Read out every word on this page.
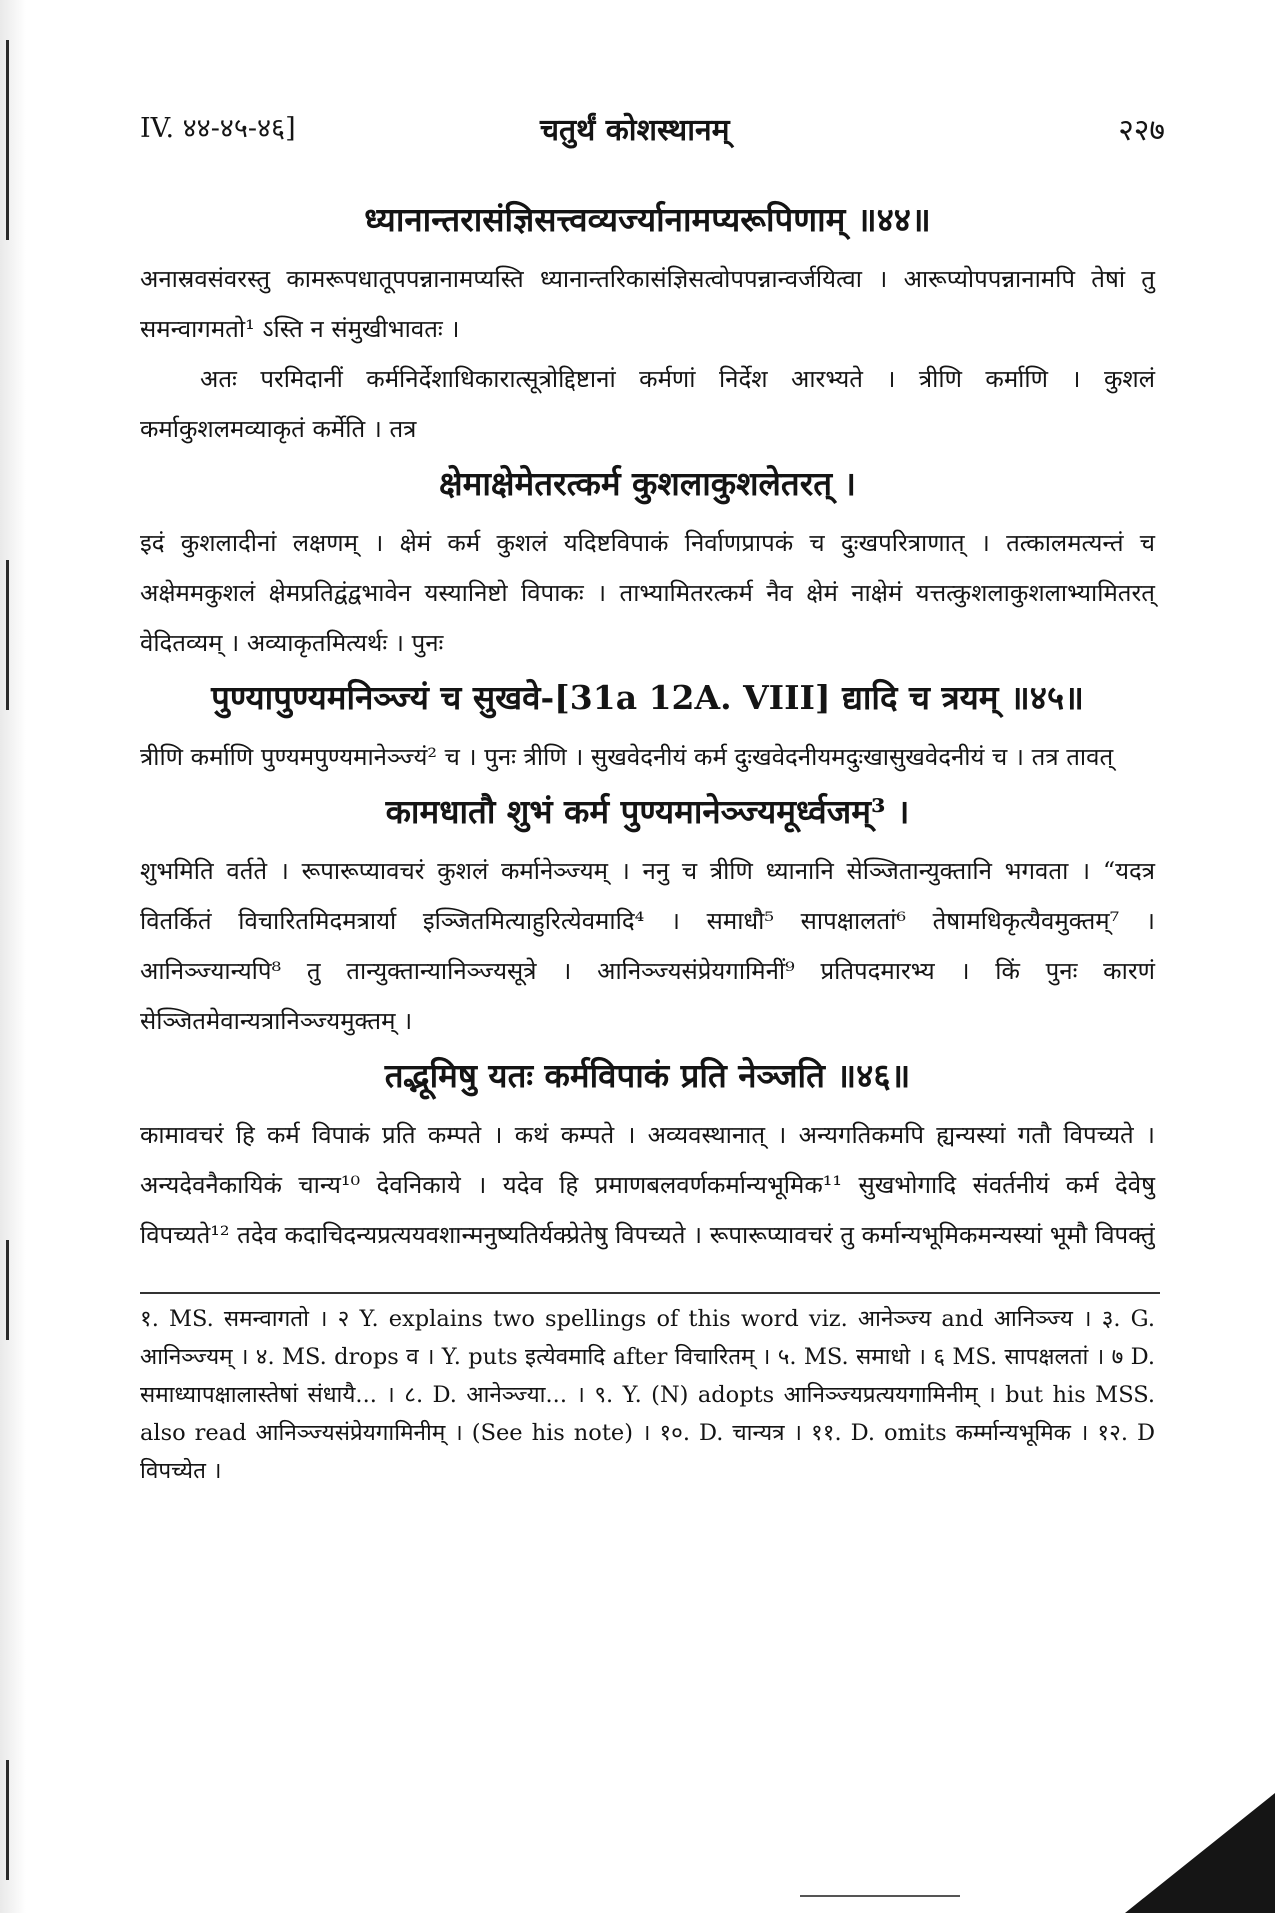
IV. ४४-४५-४६]	चतुर्थं कोशस्थानम्	२२७
ध्यानान्तरासंज्ञिसत्त्वव्यर्ज्यानामप्यरूपिणाम् ॥४४॥

अनास्रवसंवरस्तु कामरूपधातूपपन्नानामप्यस्ति ध्यानान्तरिकासंज्ञिसत्वोपपन्नान्वर्जयित्वा । आरूप्योपपन्नानामपि तेषां तु समन्वागमतो¹ ऽस्ति न संमुखीभावतः ।

अतः परमिदानीं कर्मनिर्देशाधिकारात्सूत्रोद्दिष्टानां कर्मणां निर्देश आरभ्यते । त्रीणि कर्माणि । कुशलं कर्माकुशलमव्याकृतं कर्मेति । तत्र

क्षेमाक्षेमेतरत्कर्म कुशलाकुशलेतरत् ।

इदं कुशलादीनां लक्षणम् । क्षेमं कर्म कुशलं यदिष्टविपाकं निर्वाणप्रापकं च दुःखपरित्राणात् । तत्कालमत्यन्तं च अक्षेममकुशलं क्षेमप्रतिद्वंद्वभावेन यस्यानिष्टो विपाकः । ताभ्यामितरत्कर्म नैव क्षेमं नाक्षेमं यत्तत्कुशलाकुशलाभ्यामितरत् वेदितव्यम् । अव्याकृतमित्यर्थः । पुनः

पुण्यापुण्यमनिञ्ज्यं च सुखवे-[31a 12A. VIII] द्यादि च त्रयम् ॥४५॥

त्रीणि कर्माणि पुण्यमपुण्यमानेञ्ज्यं² च । पुनः त्रीणि । सुखवेदनीयं कर्म दुःखवेदनीयमदुःखासुखवेदनीयं च । तत्र तावत्

कामधातौ शुभं कर्म पुण्यमानेञ्ज्यमूर्ध्वजम्³ ।

शुभमिति वर्तते । रूपारूप्यावचरं कुशलं कर्मानेञ्ज्यम् । ननु च त्रीणि ध्यानानि सेञ्जितान्युक्तानि भगवता । “यदत्र वितर्कितं विचारितमिदमत्रार्या इञ्जितमित्याहुरित्येवमादि⁴ । समाधौ⁵ सापक्षालतां⁶ तेषामधिकृत्यैवमुक्तम्⁷ । आनिञ्ज्यान्यपि⁸ तु तान्युक्तान्यानिञ्ज्यसूत्रे । आनिञ्ज्यसंप्रेयगामिनीं⁹ प्रतिपदमारभ्य । किं पुनः कारणं सेञ्जितमेवान्यत्रानिञ्ज्यमुक्तम् ।

तद्भूमिषु यतः कर्मविपाकं प्रति नेञ्जति ॥४६॥

कामावचरं हि कर्म विपाकं प्रति कम्पते । कथं कम्पते । अव्यवस्थानात् । अन्यगतिकमपि ह्यन्यस्यां गतौ विपच्यते । अन्यदेवनैकायिकं चान्य¹⁰ देवनिकाये । यदेव हि प्रमाणबलवर्णकर्मान्यभूमिक¹¹ सुखभोगादि संवर्तनीयं कर्म देवेषु विपच्यते¹² तदेव कदाचिदन्यप्रत्ययवशान्मनुष्यतिर्यक्प्रेतेषु विपच्यते । रूपारूप्यावचरं तु कर्मान्यभूमिकमन्यस्यां भूमौ विपक्तुं

१. MS. समन्वागतो । २ Y. explains two spellings of this word viz. आनेञ्ज्य and आनिञ्ज्य । ३. G. आनिञ्ज्यम् । ४. MS. drops व । Y. puts इत्येवमादि after विचारितम् । ५. MS. समाधो । ६ MS. सापक्षलतां । ७ D. समाध्यापक्षालास्तेषां संधायै... । ८. D. आनेञ्ज्या... । ९. Y. (N) adopts आनिञ्ज्यप्रत्ययगामिनीम् । but his MSS. also read आनिञ्ज्यसंप्रेयगामिनीम् । (See his note) । १०. D. चान्यत्र । ११. D. omits कर्म्मान्यभूमिक । १२. D विपच्येत ।
